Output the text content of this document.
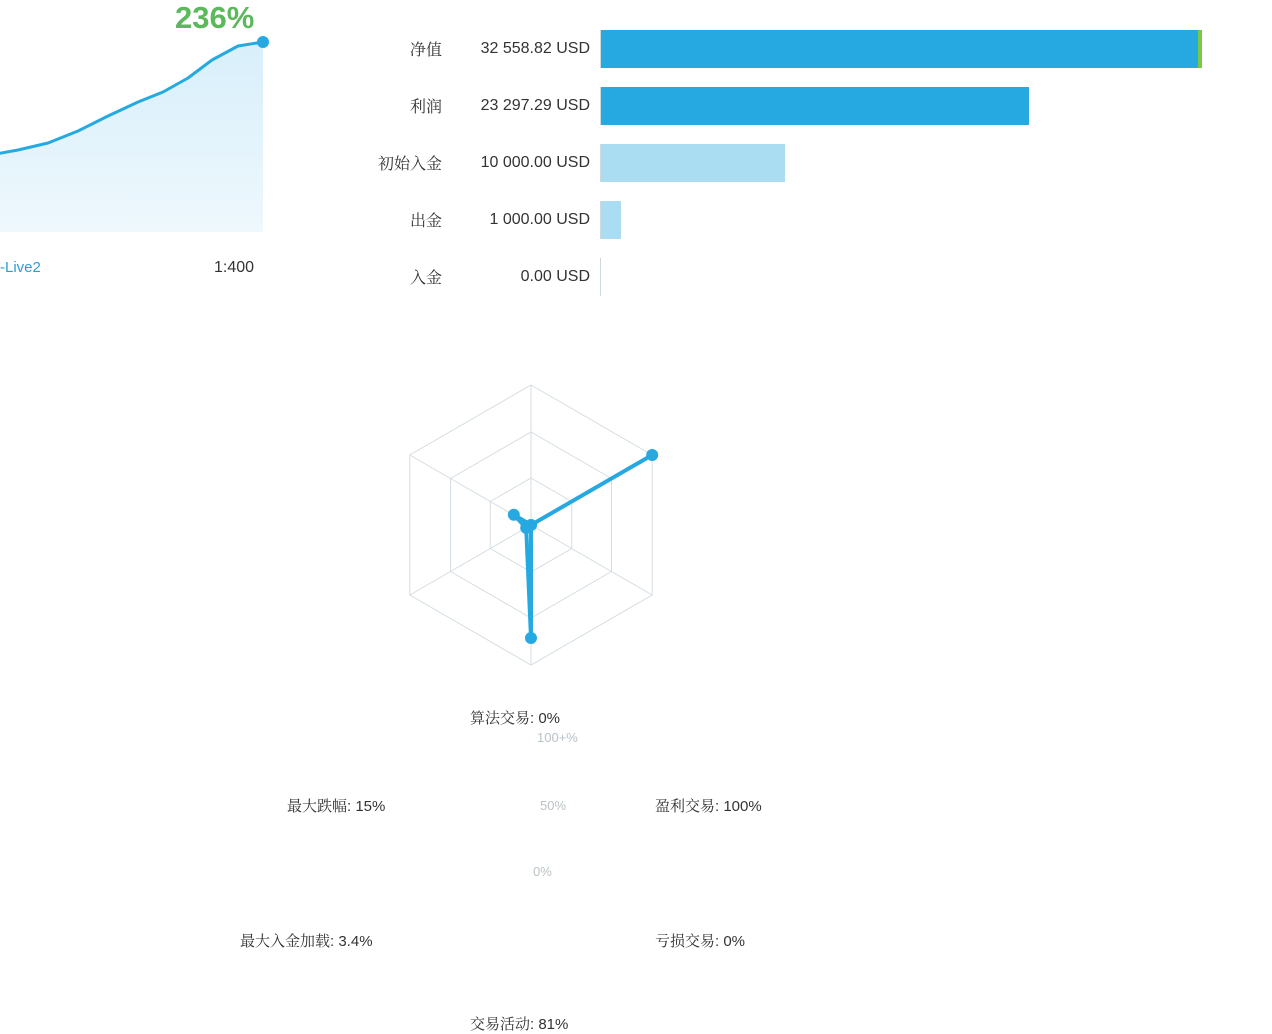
236%
-Live2	1:400
净值	32 558.82 USD
利润	23 297.29 USD
初始入金	10 000.00 USD
出金	1 000.00 USD
入金	0.00 USD
100+%
50%
0%
算法交易: 0%
盈利交易: 100%
亏损交易: 0%
交易活动: 81%
最大入金加载: 3.4%
最大跌幅: 15%
